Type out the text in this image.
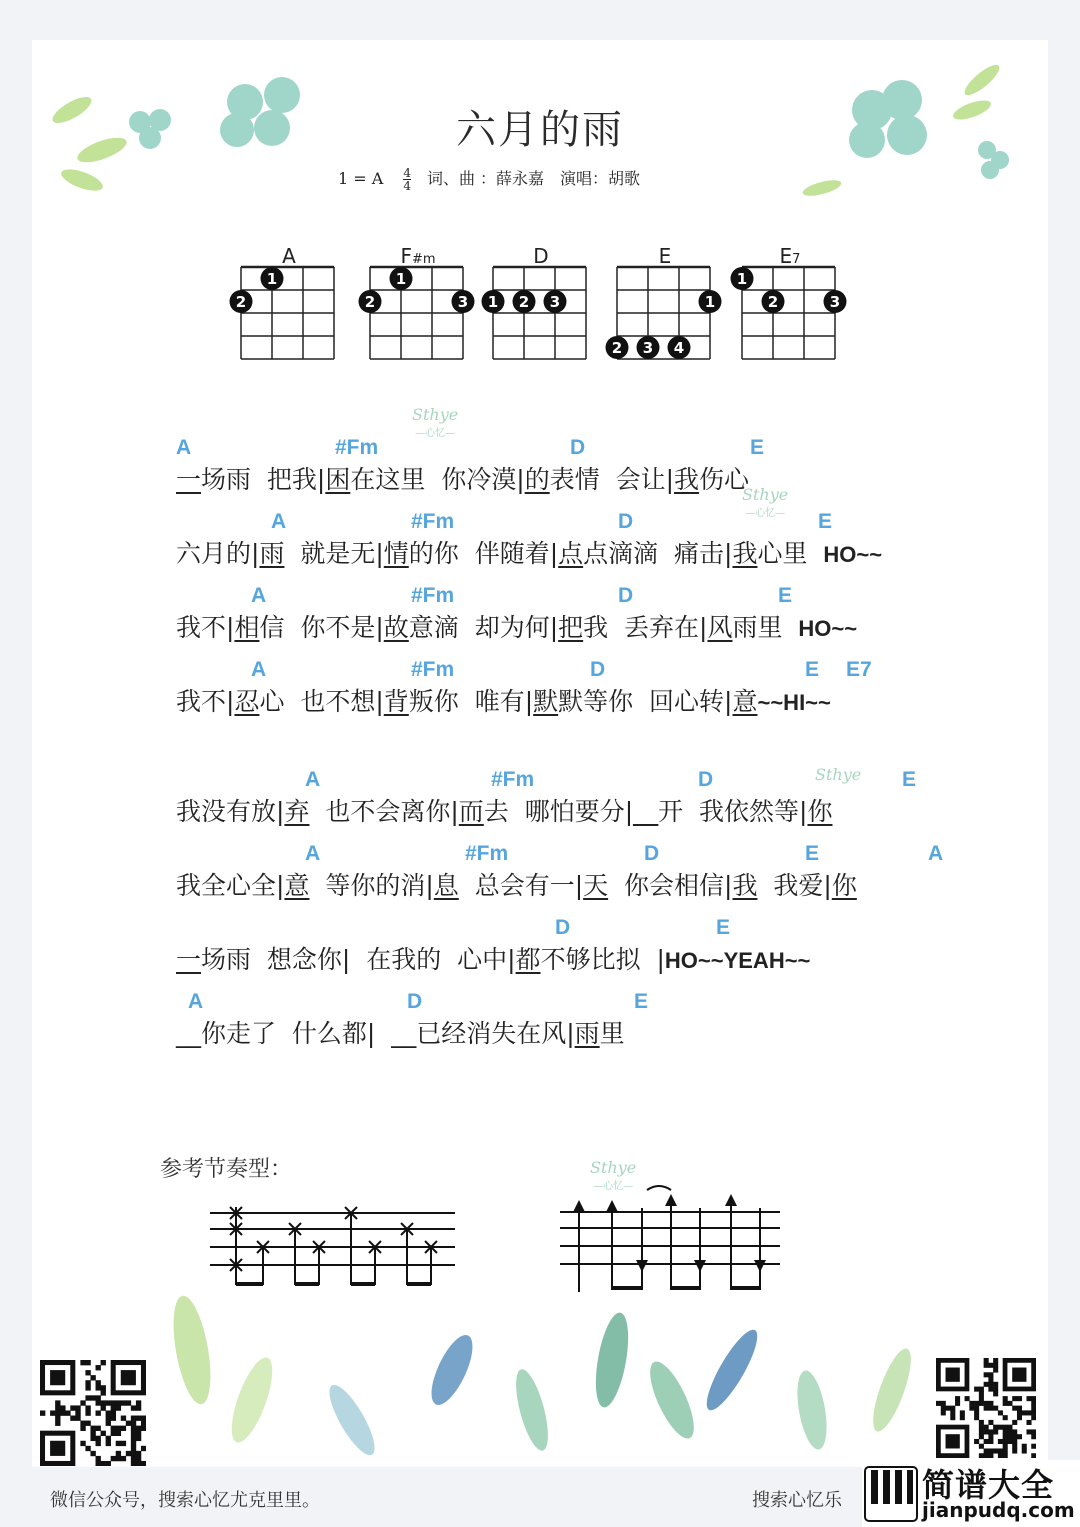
六月的雨
1 = A $\frac{4}{4}$ 词、曲 ：薛永嘉 演唱：胡歌
A	F#m	D	E	E7
2
1
2
1
3 1 2 3	1
2 3 4
1
2	3
A	#Fm	D	E
一场雨  把我|困在这里  你冷漠|的表情  会让|我伤心
A	#Fm	D	E
六月的|雨  就是无|情的你  伴随着|点点滴滴  痛击|我心里  HO~~
A	#Fm	D	E
我不|相信  你不是|故意滴  却为何|把我  丢弃在|风雨里  HO~~
A	#Fm	D	E E7
我不|忍心  也不想|背叛你  唯有|默默等你  回心转|意~~HI~~
A	#Fm	D	E
我没有放|弃  也不会离你|而去  哪怕要分|__开  我依然等|你
A	#Fm	D	E	A
我全心全|意  等你的消|息  总会有一|天  你会相信|我  我爱|你
D	E
一场雨  想念你|  在我的  心中|都不够比拟  |HO~~YEAH~~
A	D	E
__你走了  什么都|  __已经消失在风|雨里
Sthye
—心忆—
Sthye
—心忆—
Sthye
Sthye
—心忆—
参考节奏型：
微信公众号，搜索心忆尤克里里。	搜索心忆乐	简谱大全
jianpudq.com
